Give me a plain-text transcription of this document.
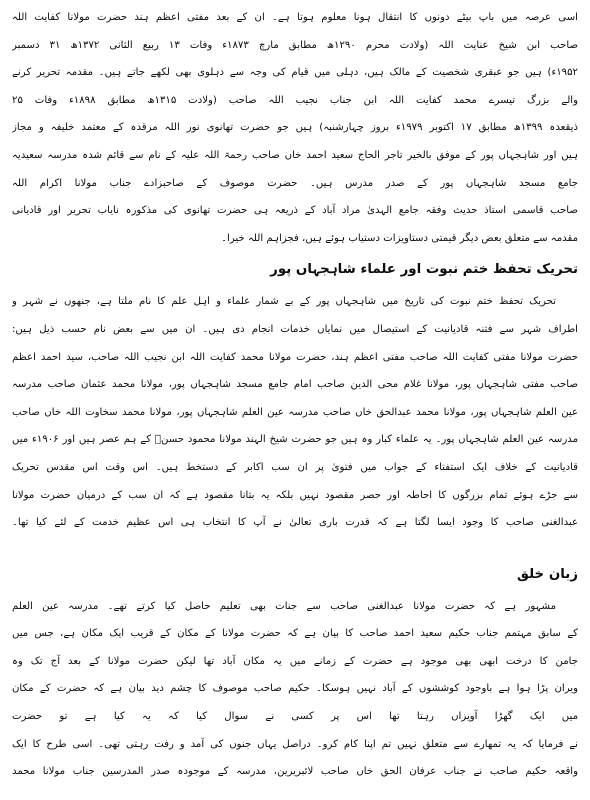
اسی عرصہ میں باپ بیٹے دونوں کا انتقال ہونا معلوم ہوتا ہے۔ ان کے بعد مفتی اعظم ہند حضرت مولانا کفایت اللہ
صاحب ابن شیخ عنایت اللہ (ولادت محرم ۱۲۹۰ھ مطابق مارچ ۱۸۷۳ء وفات ۱۳ ربیع الثانی ۱۳۷۲ھ ۳۱ دسمبر
۱۹۵۲ء) ہیں جو عبقری شخصیت کے مالک ہیں، دہلی میں قیام کی وجہ سے دہلوی بھی لکھے جاتے ہیں۔ مقدمہ تحریر کرنے
والے بزرگ تیسرے محمد کفایت اللہ ابن جناب نجیب اللہ صاحب (ولادت ۱۳۱۵ھ مطابق ۱۸۹۸ء وفات ۲۵
ذیقعدہ ۱۳۹۹ھ مطابق ۱۷ اکتوبر ۱۹۷۹ء بروز چہارشنبہ) ہیں جو حضرت تھانوی نور اللہ مرقدہ کے معتمد خلیفہ و مجاز
ہیں اور شاہجہاں پور کے موفق بالخیر تاجر الحاج سعید احمد خاں صاحب رحمۃ اللہ علیہ کے نام سے قائم شدہ مدرسہ سعیدیہ
جامع مسجد شاہجہاں پور کے صدر مدرس ہیں۔ حضرت موصوف کے صاحبزادے جناب مولانا اکرام اللہ
صاحب قاسمی استاذ حدیث وفقہ جامع الہدیٰ مراد آباد کے ذریعہ ہی حضرت تھانوی کی مذکورہ نایاب تحریر اور قادیانی
مقدمہ سے متعلق بعض دیگر قیمتی دستاویزات دستیاب ہوئے ہیں، فجزاہم اللہ خیرا۔
تحریک تحفظ ختم نبوت اور علماء شاہجہاں پور
تحریک تحفظ ختم نبوت کی تاریخ میں شاہجہاں پور کے بے شمار علماء و اہل علم کا نام ملتا ہے، جنھوں نے شہر و
اطراف شہر سے فتنہ قادیانیت کے استیصال میں نمایاں خدمات انجام دی ہیں۔ ان میں سے بعض نام حسب ذیل ہیں:
حضرت مولانا مفتی کفایت اللہ صاحب مفتی اعظم ہند، حضرت مولانا محمد کفایت اللہ ابن نجیب اللہ صاحب، سید احمد اعظم
صاحب مفتی شاہجہاں پور، مولانا غلام محی الدین صاحب امام جامع مسجد شاہجہاں پور، مولانا محمد عثمان صاحب مدرسہ
عین العلم شاہجہاں پور، مولانا محمد عبدالحق خاں صاحب مدرسہ عین العلم شاہجہاں پور، مولانا محمد سخاوت اللہ خاں صاحب
مدرسہ عین العلم شاہجہاں پور۔ یہ علماء کبار وہ ہیں جو حضرت شیخ الہند مولانا محمود حسنؒ کے ہم عصر ہیں اور ۱۹۰۶ء میں
قادیانیت کے خلاف ایک استفتاء کے جواب میں فتویٰ پر ان سب اکابر کے دستخط ہیں۔ اس وقت اس مقدس تحریک
سے جڑے ہوئے تمام بزرگوں کا احاطہ اور حصر مقصود نہیں بلکہ یہ بتانا مقصود ہے کہ ان سب کے درمیان حضرت مولانا
عبدالغنی صاحب کا وجود ایسا لگتا ہے کہ قدرت باری تعالیٰ نے آپ کا انتخاب ہی اس عظیم خدمت کے لئے کیا تھا۔
زبان خلق
مشہور ہے کہ حضرت مولانا عبدالغنی صاحب سے جنات بھی تعلیم حاصل کیا کرتے تھے۔ مدرسہ عین العلم
کے سابق مہتمم جناب حکیم سعید احمد صاحب کا بیان ہے کہ حضرت مولانا کے مکان کے قریب ایک مکان ہے، جس میں
جامن کا درخت ابھی بھی موجود ہے حضرت کے زمانے میں یہ مکان آباد تھا لیکن حضرت مولانا کے بعد آج تک وہ
ویران پڑا ہوا ہے باوجود کوششوں کے آباد نہیں ہوسکا۔ حکیم صاحب موصوف کا چشم دید بیان ہے کہ حضرت کے مکان
میں ایک گھڑا آویزاں رہتا تھا اس پر کسی نے سوال کیا کہ یہ کیا ہے تو حضرت
نے فرمایا کہ یہ تمھارے سے متعلق نہیں تم اپنا کام کرو۔ دراصل یہاں جنوں کی آمد و رفت رہتی تھی۔ اسی طرح کا ایک
واقعہ حکیم صاحب نے جناب عرفان الحق خاں صاحب لائبریرین، مدرسہ کے موجودہ صدر المدرسین جناب مولانا محمد
